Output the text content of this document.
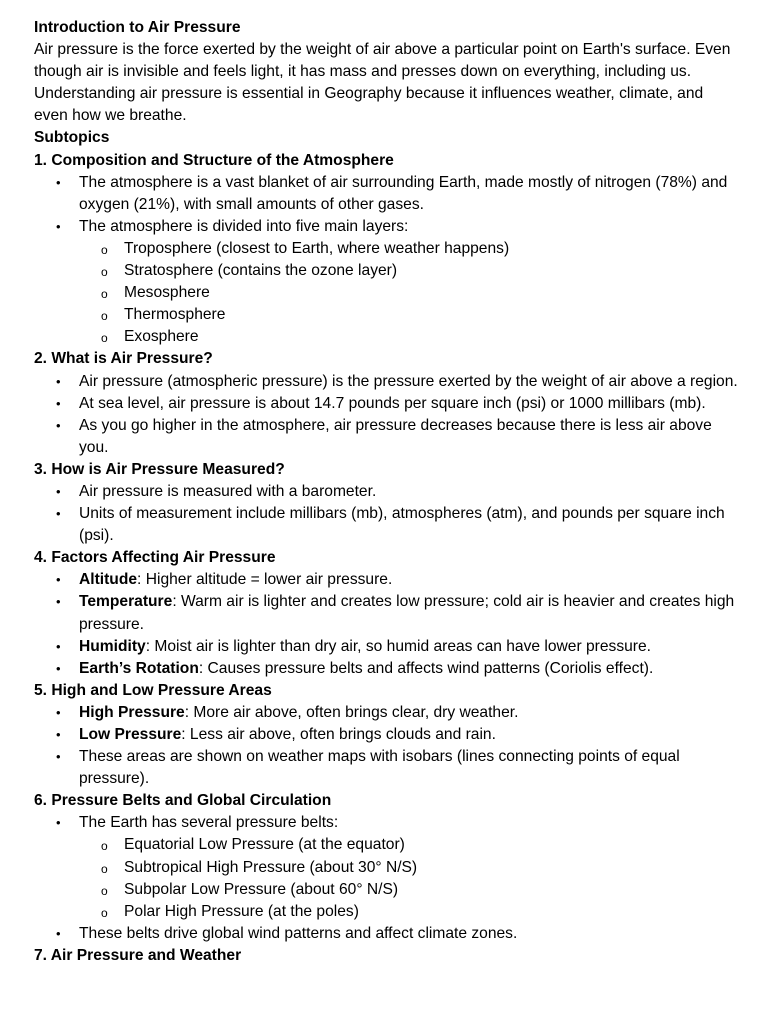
Introduction to Air Pressure

Air pressure is the force exerted by the weight of air above a particular point on Earth's surface. Even though air is invisible and feels light, it has mass and presses down on everything, including us. Understanding air pressure is essential in Geography because it influences weather, climate, and even how we breathe.

Subtopics
1. Composition and Structure of the Atmosphere
• The atmosphere is a vast blanket of air surrounding Earth, made mostly of nitrogen (78%) and oxygen (21%), with small amounts of other gases.
• The atmosphere is divided into five main layers:
o Troposphere (closest to Earth, where weather happens)
o Stratosphere (contains the ozone layer)
o Mesosphere
o Thermosphere
o Exosphere
2. What is Air Pressure?
• Air pressure (atmospheric pressure) is the pressure exerted by the weight of air above a region.
• At sea level, air pressure is about 14.7 pounds per square inch (psi) or 1000 millibars (mb).
• As you go higher in the atmosphere, air pressure decreases because there is less air above you.
3. How is Air Pressure Measured?
• Air pressure is measured with a barometer.
• Units of measurement include millibars (mb), atmospheres (atm), and pounds per square inch (psi).
4. Factors Affecting Air Pressure
• Altitude: Higher altitude = lower air pressure.
• Temperature: Warm air is lighter and creates low pressure; cold air is heavier and creates high pressure.
• Humidity: Moist air is lighter than dry air, so humid areas can have lower pressure.
• Earth’s Rotation: Causes pressure belts and affects wind patterns (Coriolis effect).
5. High and Low Pressure Areas
• High Pressure: More air above, often brings clear, dry weather.
• Low Pressure: Less air above, often brings clouds and rain.
• These areas are shown on weather maps with isobars (lines connecting points of equal pressure).
6. Pressure Belts and Global Circulation
• The Earth has several pressure belts:
o Equatorial Low Pressure (at the equator)
o Subtropical High Pressure (about 30° N/S)
o Subpolar Low Pressure (about 60° N/S)
o Polar High Pressure (at the poles)
• These belts drive global wind patterns and affect climate zones.
7. Air Pressure and Weather
